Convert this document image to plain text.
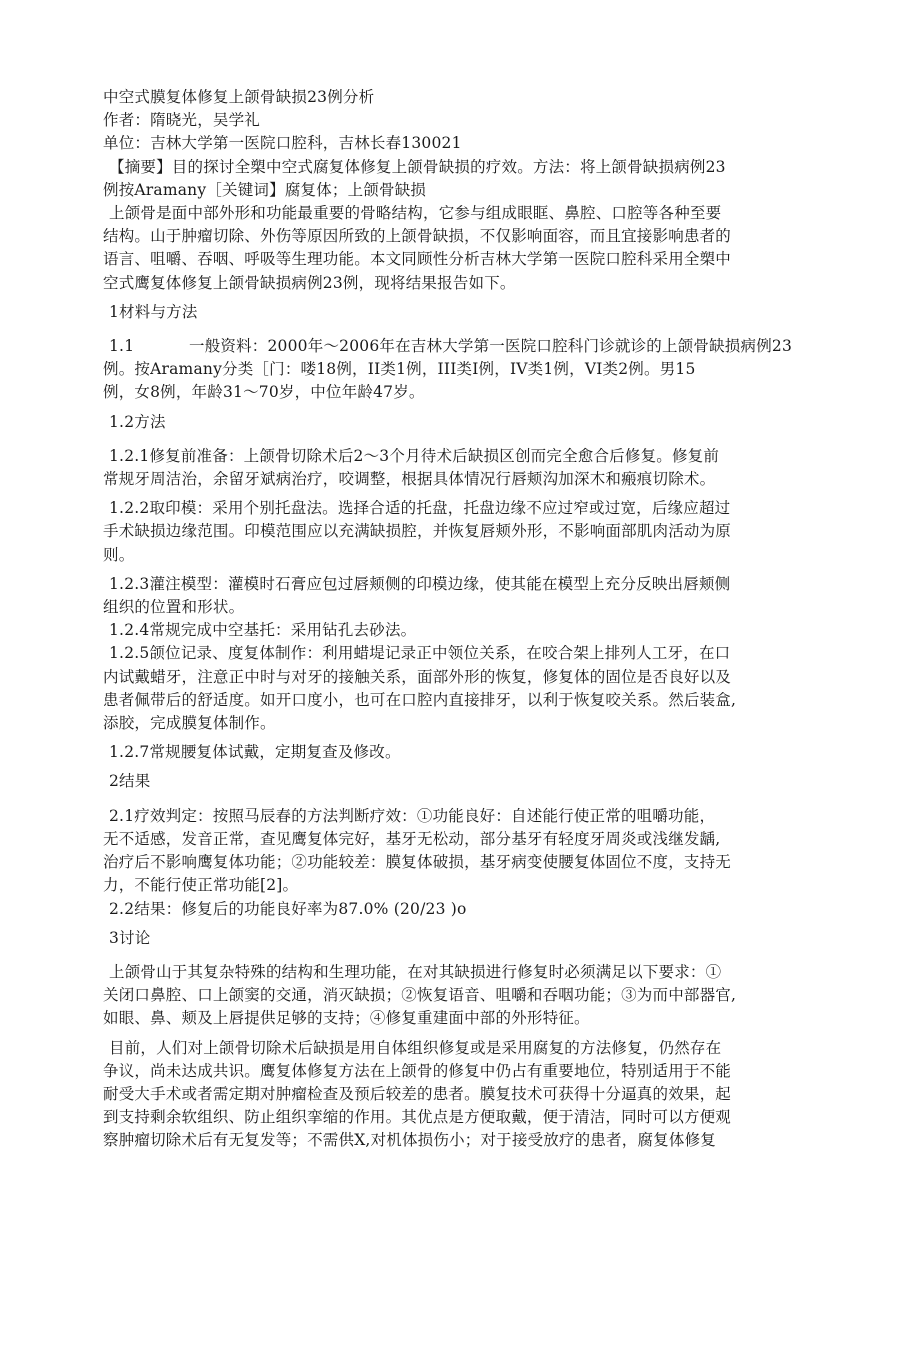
中空式膜复体修复上颌骨缺损23例分析
作者：隋晓光，吴学礼
单位：吉林大学第一医院口腔科，吉林长春130021
【摘要】目的探讨全槊中空式腐复体修复上颌骨缺损的疗效。方法：将上颌骨缺损病例23
例按Aramany［关键词】腐复体；上颌骨缺损
上颌骨是面中部外形和功能最重要的骨略结构，它参与组成眼眶、鼻腔、口腔等各种至要
结构。山于肿瘤切除、外伤等原因所致的上颌骨缺损，不仅影响面容，而且宜接影响患者的
语言、咀嚼、吞咽、呼吸等生理功能。本文同顾性分析吉林大学第一医院口腔科采用全槊中
空式鹰复体修复上颌骨缺损病例23例，现将结果报告如下。
1材料与方法
1.1	一般资料：2000年～2006年在吉林大学第一医院口腔科门诊就诊的上颌骨缺损病例23
例。按Aramany分类［门：喽18例，II类1例，III类I例，IV类1例，VI类2例。男15
例，女8例，年龄31～70岁，中位年龄47岁。
1.2方法
1.2.1修复前准备：上颌骨切除术后2～3个月待术后缺损区创而完全愈合后修复。修复前
常规牙周洁治，余留牙斌病治疗，咬调整，根据具体情况行唇颊沟加深木和瘢痕切除术。
1.2.2取印模：采用个别托盘法。选择合适的托盘，托盘边缘不应过窄或过宽，后缘应超过
手术缺损边缘范围。印模范围应以充满缺损腔，并恢复唇颊外形，不影响面部肌肉活动为原
则。
1.2.3灌注模型：灌模时石膏应包过唇颊侧的印模边缘，使其能在模型上充分反映出唇颊侧
组织的位置和形状。
1.2.4常规完成中空基托：采用钻孔去砂法。
1.2.5颌位记录、度复体制作：利用蜡堤记录正中领位关系，在咬合架上排列人工牙，在口
内试戴蜡牙，注意正中时与对牙的接触关系，面部外形的恢复，修复体的固位是否良好以及
患者佩带后的舒适度。如开口度小，也可在口腔内直接排牙，以利于恢复咬关系。然后装盒,
添胶，完成膜复体制作。
1.2.7常规腰复体试戴，定期复查及修改。
2结果
2.1疗效判定：按照马辰春的方法判断疗效：①功能良好：自述能行使正常的咀嚼功能，
无不适感，发音正常，查见鹰复体完好，基牙无松动，部分基牙有轻度牙周炎或浅继发龋,
治疗后不影响鹰复体功能；②功能较差：膜复体破损，基牙病变使腰复体固位不度，支持无
力，不能行使正常功能[2]。
2.2结果：修复后的功能良好率为87.0% (20/23 )o
3讨论
上颌骨山于其复杂特殊的结构和生理功能，在对其缺损进行修复时必须满足以下要求：①
关闭口鼻腔、口上颌窦的交通，消灭缺损；②恢复语音、咀嚼和吞咽功能；③为而中部器官,
如眼、鼻、颊及上唇提供足够的支持；④修复重建面中部的外形特征。
目前，人们对上颌骨切除术后缺损是用自体组织修复或是采用腐复的方法修复，仍然存在
争议，尚未达成共识。鹰复体修复方法在上颌骨的修复中仍占有重要地位，特别适用于不能
耐受大手术或者需定期对肿瘤检查及预后较差的患者。膜复技术可获得十分逼真的效果，起
到支持剩余软组织、防止组织挛缩的作用。其优点是方便取戴，便于清洁，同时可以方便观
察肿瘤切除术后有无复发等；不需供X,对机体损伤小；对于接受放疗的患者，腐复体修复
